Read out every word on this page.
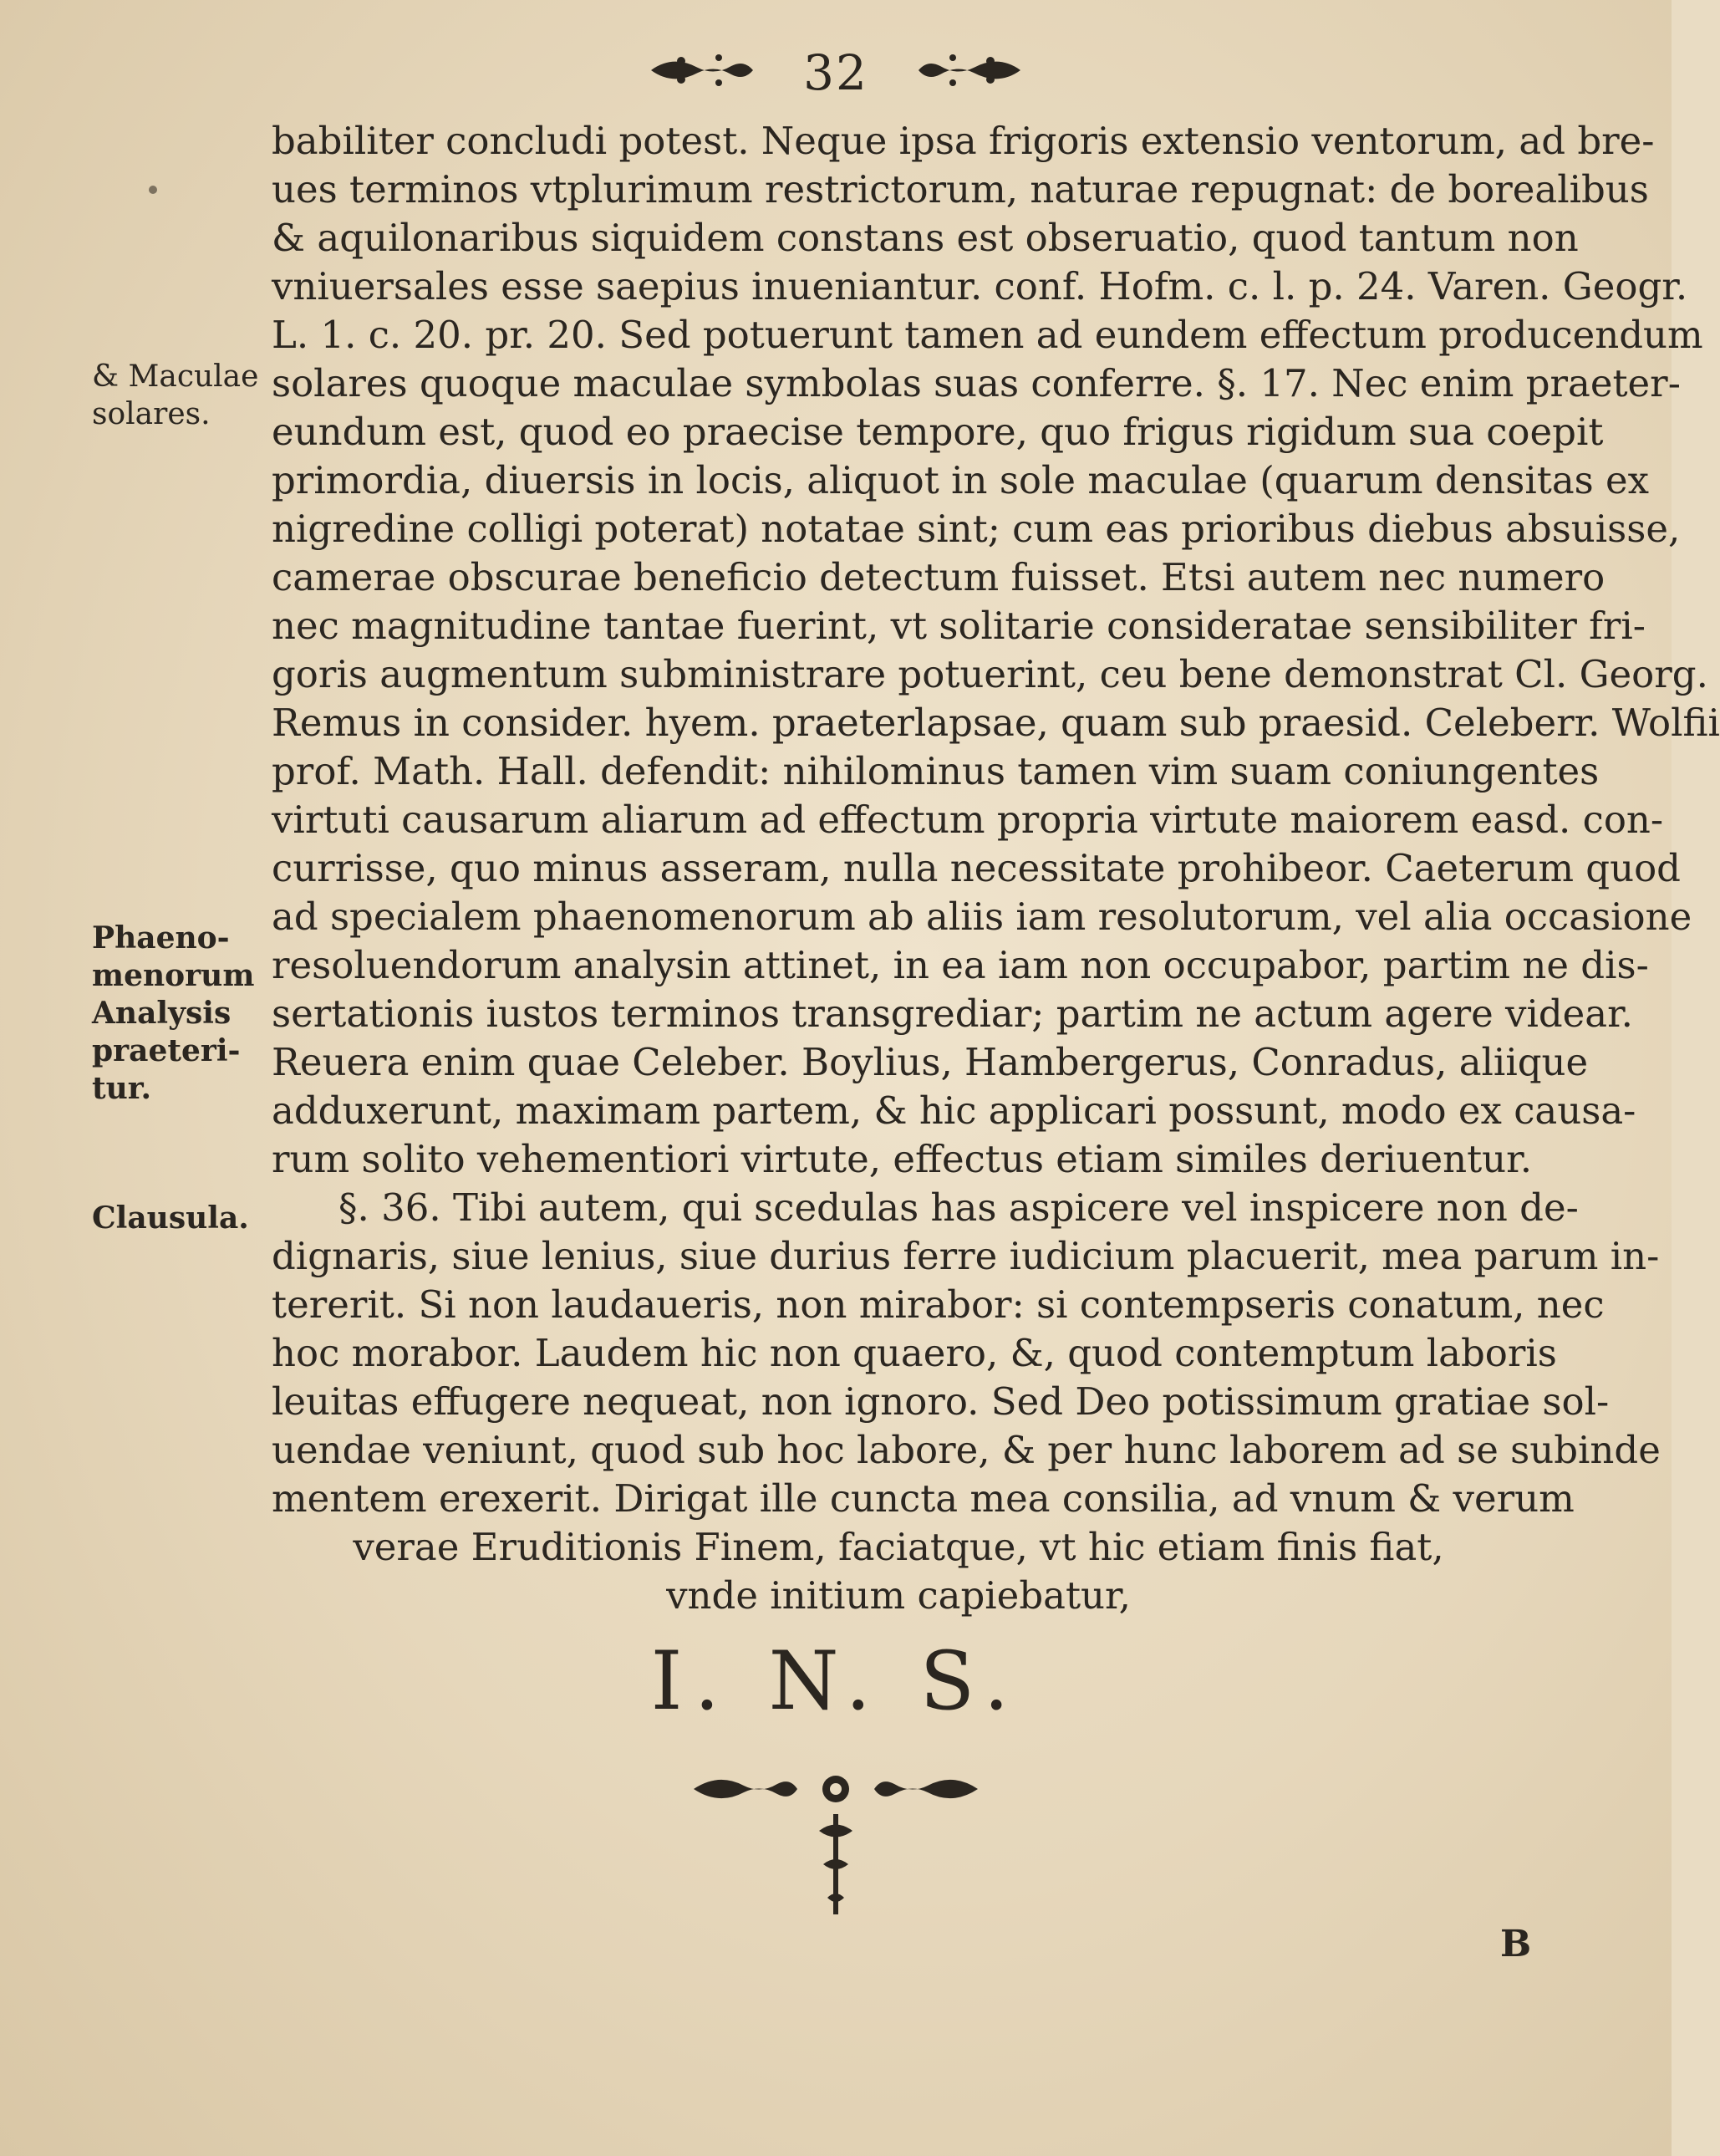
32
& Maculae
solares.
Phaeno-
menorum
Analysis
praeteri-
tur.
Clausula.
babiliter concludi potest. Neque ipsa frigoris extensio ventorum, ad bre-
ues terminos vtplurimum restrictorum, naturae repugnat: de borealibus
& aquilonaribus siquidem constans est obseruatio, quod tantum non
vniuersales esse saepius inueniantur. conf. Hofm. c. l. p. 24. Varen. Geogr.
L. 1. c. 20. pr. 20. Sed potuerunt tamen ad eundem effectum producendum
solares quoque maculae symbolas suas conferre. §. 17. Nec enim praeter-
eundum est, quod eo praecise tempore, quo frigus rigidum sua coepit
primordia, diuersis in locis, aliquot in sole maculae (quarum densitas ex
nigredine colligi poterat) notatae sint; cum eas prioribus diebus absuisse,
camerae obscurae beneficio detectum fuisset. Etsi autem nec numero
nec magnitudine tantae fuerint, vt solitarie consideratae sensibiliter fri-
goris augmentum subministrare potuerint, ceu bene demonstrat Cl. Georg.
Remus in consider. hyem. praeterlapsae, quam sub praesid. Celeberr. Wolfii
prof. Math. Hall. defendit: nihilominus tamen vim suam coniungentes
virtuti causarum aliarum ad effectum propria virtute maiorem easd. con-
currisse, quo minus asseram, nulla necessitate prohibeor. Caeterum quod
ad specialem phaenomenorum ab aliis iam resolutorum, vel alia occasione
resoluendorum analysin attinet, in ea iam non occupabor, partim ne dis-
sertationis iustos terminos transgrediar; partim ne actum agere videar.
Reuera enim quae Celeber. Boylius, Hambergerus, Conradus, aliique
adduxerunt, maximam partem, & hic applicari possunt, modo ex causa-
rum solito vehementiori virtute, effectus etiam similes deriuentur.
§. 36. Tibi autem, qui scedulas has aspicere vel inspicere non de-
dignaris, siue lenius, siue durius ferre iudicium placuerit, mea parum in-
tererit. Si non laudaueris, non mirabor: si contempseris conatum, nec
hoc morabor. Laudem hic non quaero, &, quod contemptum laboris
leuitas effugere nequeat, non ignoro. Sed Deo potissimum gratiae sol-
uendae veniunt, quod sub hoc labore, & per hunc laborem ad se subinde
mentem erexerit. Dirigat ille cuncta mea consilia, ad vnum & verum
verae Eruditionis Finem, faciatque, vt hic etiam finis fiat,
vnde initium capiebatur,
I. N. S.
B
